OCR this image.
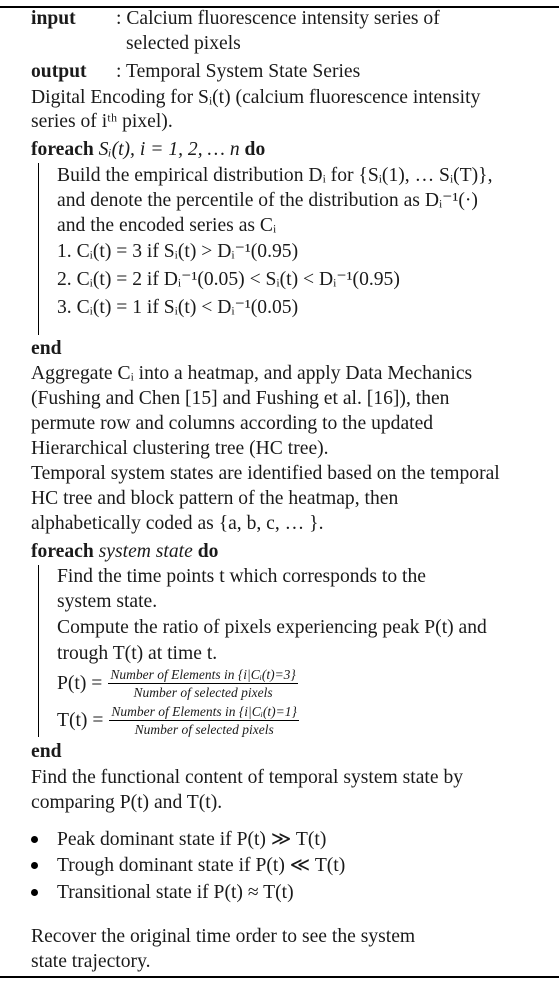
input : Calcium fluorescence intensity series of
selected pixels
output : Temporal System State Series
Digital Encoding for Sᵢ(t) (calcium fluorescence intensity
series of iᵗʰ pixel).
foreach Sᵢ(t), i = 1, 2, … n do
Build the empirical distribution Dᵢ for {Sᵢ(1), … Sᵢ(T)},
and denote the percentile of the distribution as Dᵢ⁻¹(·)
and the encoded series as Cᵢ
1. Cᵢ(t) = 3 if Sᵢ(t) > Dᵢ⁻¹(0.95)
2. Cᵢ(t) = 2 if Dᵢ⁻¹(0.05) < Sᵢ(t) < Dᵢ⁻¹(0.95)
3. Cᵢ(t) = 1 if Sᵢ(t) < Dᵢ⁻¹(0.05)
end
Aggregate Cᵢ into a heatmap, and apply Data Mechanics
(Fushing and Chen [15] and Fushing et al. [16]), then
permute row and columns according to the updated
Hierarchical clustering tree (HC tree).
Temporal system states are identified based on the temporal
HC tree and block pattern of the heatmap, then
alphabetically coded as {a, b, c, … }.
foreach system state do
Find the time points t which corresponds to the
system state.
Compute the ratio of pixels experiencing peak P(t) and
trough T(t) at time t.
$P(t) = \frac{\text{Number of Elements in \{i|Cᵢ(t)=3\}}}{\text{Number of selected pixels}}$
$T(t) = \frac{\text{Number of Elements in \{i|Cᵢ(t)=1\}}}{\text{Number of selected pixels}}$
end
Find the functional content of temporal system state by
comparing P(t) and T(t).
Peak dominant state if P(t) ≫ T(t)
Trough dominant state if P(t) ≪ T(t)
Transitional state if P(t) ≈ T(t)
Recover the original time order to see the system
state trajectory.
